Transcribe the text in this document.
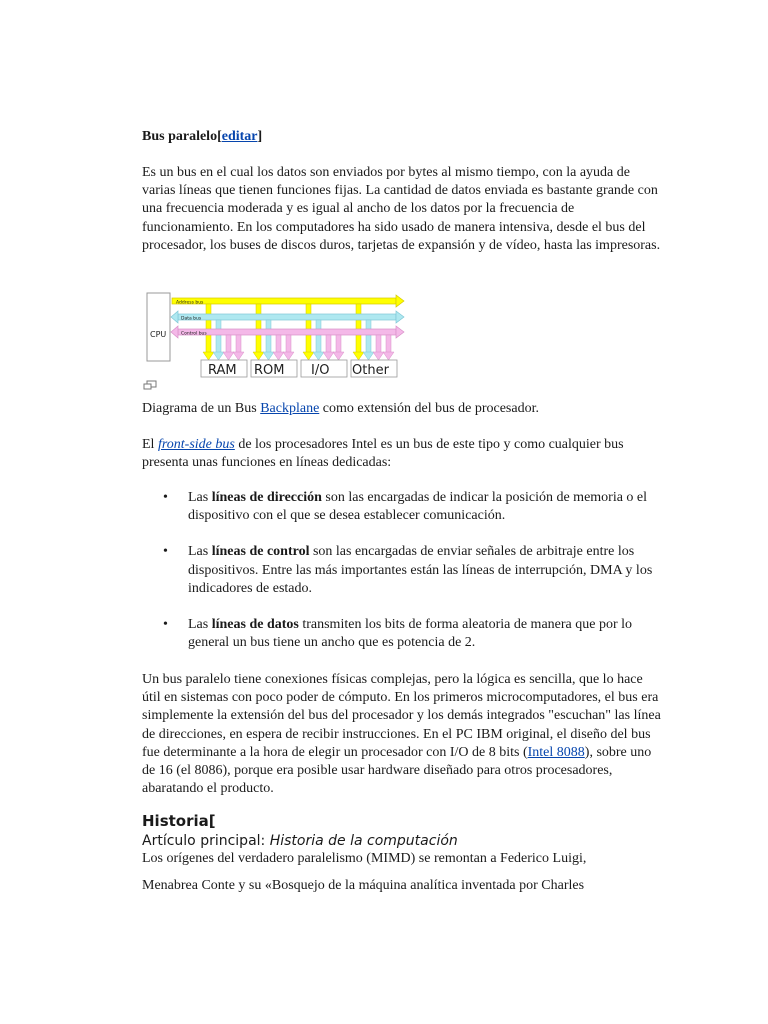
Bus paralelo[editar]

Es un bus en el cual los datos son enviados por bytes al mismo tiempo, con la ayuda de varias líneas que tienen funciones fijas. La cantidad de datos enviada es bastante grande con una frecuencia moderada y es igual al ancho de los datos por la frecuencia de funcionamiento. En los computadores ha sido usado de manera intensiva, desde el bus del procesador, los buses de discos duros, tarjetas de expansión y de vídeo, hasta las impresoras.

CPU
Address bus
Data bus
Control bus
RAM ROM I/O Other

Diagrama de un Bus Backplane como extensión del bus de procesador.

El front-side bus de los procesadores Intel es un bus de este tipo y como cualquier bus presenta unas funciones en líneas dedicadas:

• Las líneas de dirección son las encargadas de indicar la posición de memoria o el dispositivo con el que se desea establecer comunicación.
• Las líneas de control son las encargadas de enviar señales de arbitraje entre los dispositivos. Entre las más importantes están las líneas de interrupción, DMA y los indicadores de estado.
• Las líneas de datos transmiten los bits de forma aleatoria de manera que por lo general un bus tiene un ancho que es potencia de 2.

Un bus paralelo tiene conexiones físicas complejas, pero la lógica es sencilla, que lo hace útil en sistemas con poco poder de cómputo. En los primeros microcomputadores, el bus era simplemente la extensión del bus del procesador y los demás integrados "escuchan" las línea de direcciones, en espera de recibir instrucciones. En el PC IBM original, el diseño del bus fue determinante a la hora de elegir un procesador con I/O de 8 bits (Intel 8088), sobre uno de 16 (el 8086), porque era posible usar hardware diseñado para otros procesadores, abaratando el producto.

Historia[
Artículo principal: Historia de la computación

Los orígenes del verdadero paralelismo (MIMD) se remontan a Federico Luigi,

Menabrea Conte y su «Bosquejo de la máquina analítica inventada por Charles
